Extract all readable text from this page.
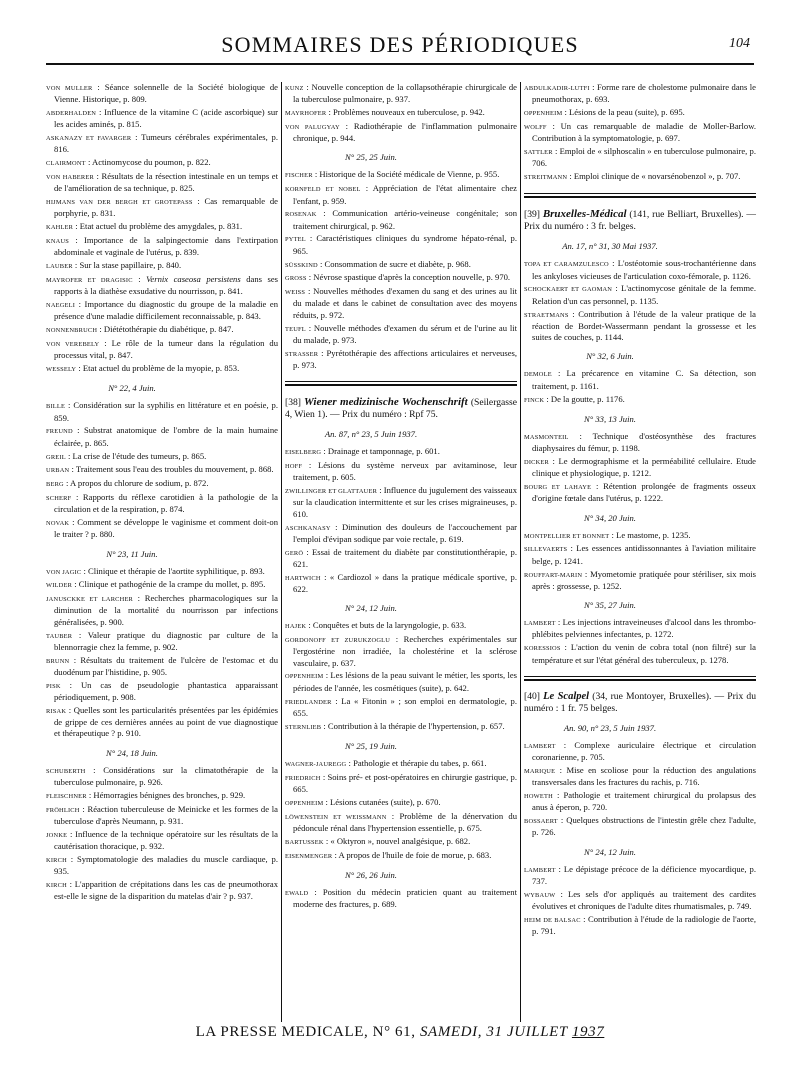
SOMMAIRES DES PÉRIODIQUES	104

VON MULLER : Séance solennelle de la Société biologique de Vienne. Historique, p. 809.

ABDERHALDEN : Influence de la vitamine C (acide ascorbique) sur les acides aminés, p. 815.

ASKANAZY ET FAVARGER : Tumeurs cérébrales expérimentales, p. 816.

CLAIRMONT : Actinomycose du poumon, p. 822.

VON HABERER : Résultats de la résection intestinale en un temps et de l'amélioration de sa technique, p. 825.

HIJMANS VAN DER BERGH ET GROTEPASS : Cas remarquable de porphyrie, p. 831.

KAHLER : Etat actuel du problème des amygdales, p. 831.

KNAUS : Importance de la salpingectomie dans l'extirpation abdominale et vaginale de l'utérus, p. 839.

LAUBER : Sur la stase papillaire, p. 840.

MAYROFER ET DRAGISIC : Vernix caseosa persistens dans ses rapports à la diathèse exsudative du nourrisson, p. 841.

NAEGELI : Importance du diagnostic du groupe de la maladie en présence d'une maladie difficilement reconnaissable, p. 843.

NONNENBRUCH : Diététothérapie du diabétique, p. 847.

VON VEREBELY : Le rôle de la tumeur dans la régulation du processus vital, p. 847.

WESSELY : Etat actuel du problème de la myopie, p. 853.

N° 22, 4 Juin.

BILLE : Considération sur la syphilis en littérature et en poésie, p. 859.

FREUND : Substrat anatomique de l'ombre de la main humaine éclairée, p. 865.

GREIL : La crise de l'étude des tumeurs, p. 865.

URBAN : Traitement sous l'eau des troubles du mouvement, p. 868.

BERG : A propos du chlorure de sodium, p. 872.

SCHERF : Rapports du réflexe carotidien à la pathologie de la circulation et de la respiration, p. 874.

NOVAK : Comment se développe le vaginisme et comment doit-on le traiter ? p. 880.

N° 23, 11 Juin.

VON JAGIC : Clinique et thérapie de l'aortite syphilitique, p. 893.

WILDER : Clinique et pathogénie de la crampe du mollet, p. 895.

JANUSCKKE ET LARCHER : Recherches pharmacologiques sur la diminution de la mortalité du nourrisson par infections généralisées, p. 900.

TAUBER : Valeur pratique du diagnostic par culture de la blennorragie chez la femme, p. 902.

BRUNN : Résultats du traitement de l'ulcère de l'estomac et du duodénum par l'histidine, p. 905.

PISK : Un cas de pseudologie phantastica apparaissant périodiquement, p. 908.

RISAK : Quelles sont les particularités présentées par les épidémies de grippe de ces dernières années au point de vue diagnostique et thérapeutique ? p. 910.

N° 24, 18 Juin.

SCHUBERTH : Considérations sur la climatothérapie de la tuberculose pulmonaire, p. 926.

FLEISCHNER : Hémorragies bénignes des bronches, p. 929.

FRÖHLICH : Réaction tuberculeuse de Meinicke et les formes de la tuberculose d'après Neumann, p. 931.

JONKE : Influence de la technique opératoire sur les résultats de la cautérisation thoracique, p. 932.

KIRCH : Symptomatologie des maladies du muscle cardiaque, p. 935.

KIRCH : L'apparition de crépitations dans les cas de pneumothorax est-elle le signe de la disparition du matelas d'air ? p. 937.

KUNZ : Nouvelle conception de la collapsothérapie chirurgicale de la tuberculose pulmonaire, p. 937.

MAYRHOFER : Problèmes nouveaux en tuberculose, p. 942.

VON PALUGYAY : Radiothérapie de l'inflammation pulmonaire chronique, p. 944.

N° 25, 25 Juin.

FISCHER : Historique de la Société médicale de Vienne, p. 955.

KORNFELD ET NOBEL : Appréciation de l'état alimentaire chez l'enfant, p. 959.

ROSENAK : Communication artério-veineuse congénitale; son traitement chirurgical, p. 962.

PYTEL : Caractéristiques cliniques du syndrome hépato-rénal, p. 965.

SÜSSKIND : Consommation de sucre et diabète, p. 968.

GROSS : Névrose spastique d'après la conception nouvelle, p. 970.

WEISS : Nouvelles méthodes d'examen du sang et des urines au lit du malade et dans le cabinet de consultation avec des moyens réduits, p. 972.

TEUFL : Nouvelle méthodes d'examen du sérum et de l'urine au lit du malade, p. 973.

STRASSER : Pyrétothérapie des affections articulaires et nerveuses, p. 973.

[38] Wiener medizinische Wochenschrift (Seilergasse 4, Wien 1). — Prix du numéro : Rpf 75.

An. 87, n° 23, 5 Juin 1937.

EISELBERG : Drainage et tamponnage, p. 601.

HOFF : Lésions du système nerveux par avitaminose, leur traitement, p. 605.

ZWILLINGER ET GLATTAUER : Influence du jugulement des vaisseaux sur la claudication intermittente et sur les crises migraineuses, p. 610.

ASCHKANASY : Diminution des douleurs de l'accouchement par l'emploi d'évipan sodique par voie rectale, p. 619.

GERÖ : Essai de traitement du diabète par constitutionthérapie, p. 621.

HARTWICH : « Cardiozol » dans la pratique médicale sportive, p. 622.

N° 24, 12 Juin.

HAJEK : Conquêtes et buts de la laryngologie, p. 633.

GORDONOFF ET ZURUKZOGLU : Recherches expérimentales sur l'ergostérine non irradiée, la cholestérine et la sclérose vasculaire, p. 637.

OPPENHEIM : Les lésions de la peau suivant le métier, les sports, les périodes de l'année, les cosmétiques (suite), p. 642.

FRIEDLANDER : La « Fitonin » ; son emploi en dermatologie, p. 655.

STERNLIEB : Contribution à la thérapie de l'hypertension, p. 657.

N° 25, 19 Juin.

WAGNER-JAUREGG : Pathologie et thérapie du tabes, p. 661.

FRIEDRICH : Soins pré- et post-opératoires en chirurgie gastrique, p. 665.

OPPENHEIM : Lésions cutanées (suite), p. 670.

LÖWENSTEIN ET WEISSMANN : Problème de la dénervation du pédoncule rénal dans l'hypertension essentielle, p. 675.

BARTUSSEK : « Oktyron », nouvel analgésique, p. 682.

EISENMENGER : A propos de l'huile de foie de morue, p. 683.

N° 26, 26 Juin.

EWALD : Position du médecin praticien quant au traitement moderne des fractures, p. 689.

ABDULKADIR-LUTFI : Forme rare de cholestome pulmonaire dans le pneumothorax, p. 693.

OPPENHEIM : Lésions de la peau (suite), p. 695.

WOLFF : Un cas remarquable de maladie de Moller-Barlow. Contribution à la symptomatologie, p. 697.

SATTLER : Emploi de « silphoscalin » en tuberculose pulmonaire, p. 706.

STREITMANN : Emploi clinique de « novarsénobenzol », p. 707.

[39] Bruxelles-Médical (141, rue Belliart, Bruxelles). — Prix du numéro : 3 fr. belges.

An. 17, n° 31, 30 Mai 1937.

TOPA ET CARAMZULESCO : L'ostéotomie sous-trochantérienne dans les ankyloses vicieuses de l'articulation coxo-fémorale, p. 1126.

SCHOCKAERT ET GAOMAN : L'actinomycose génitale de la femme. Relation d'un cas personnel, p. 1135.

STRAETMANS : Contribution à l'étude de la valeur pratique de la réaction de Bordet-Wassermann pendant la grossesse et les suites de couches, p. 1144.

N° 32, 6 Juin.

DEMOLE : La précarence en vitamine C. Sa détection, son traitement, p. 1161.

FINCK : De la goutte, p. 1176.

N° 33, 13 Juin.

MASMONTEIL : Technique d'ostéosynthèse des fractures diaphysaires du fémur, p. 1198.

DICKER : Le dermographisme et la perméabilité cellulaire. Etude clinique et physiologique, p. 1212.

BOURG ET LAHAYE : Rétention prolongée de fragments osseux d'origine fœtale dans l'utérus, p. 1222.

N° 34, 20 Juin.

MONTPELLIER ET BONNET : Le mastome, p. 1235.

SILLEVAERTS : Les essences antidissonnantes à l'aviation militaire belge, p. 1241.

ROUFFART-MARIN : Myometomie pratiquée pour stériliser, six mois après : grossesse, p. 1252.

N° 35, 27 Juin.

LAMBERT : Les injections intraveineuses d'alcool dans les thrombo-phlébites pelviennes infectantes, p. 1272.

KORESSIOS : L'action du venin de cobra total (non filtré) sur la température et sur l'état général des tuberculeux, p. 1278.

[40] Le Scalpel (34, rue Montoyer, Bruxelles). — Prix du numéro : 1 fr. 75 belges.

An. 90, n° 23, 5 Juin 1937.

LAMBERT : Complexe auriculaire électrique et circulation coronarienne, p. 705.

MARIQUE : Mise en scoliose pour la réduction des angulations transversales dans les fractures du rachis, p. 716.

HOWETH : Pathologie et traitement chirurgical du prolapsus des anus à éperon, p. 720.

BOSSAERT : Quelques obstructions de l'intestin grêle chez l'adulte, p. 726.

N° 24, 12 Juin.

LAMBERT : Le dépistage précoce de la déficience myocardique, p. 737.

WYBAUW : Les sels d'or appliqués au traitement des cardites évolutives et chroniques de l'adulte dites rhumatismales, p. 749.

HEIM DE BALSAC : Contribution à l'étude de la radiologie de l'aorte, p. 791.

LA PRESSE MEDICALE, N° 61, SAMEDI, 31 JUILLET 1937
